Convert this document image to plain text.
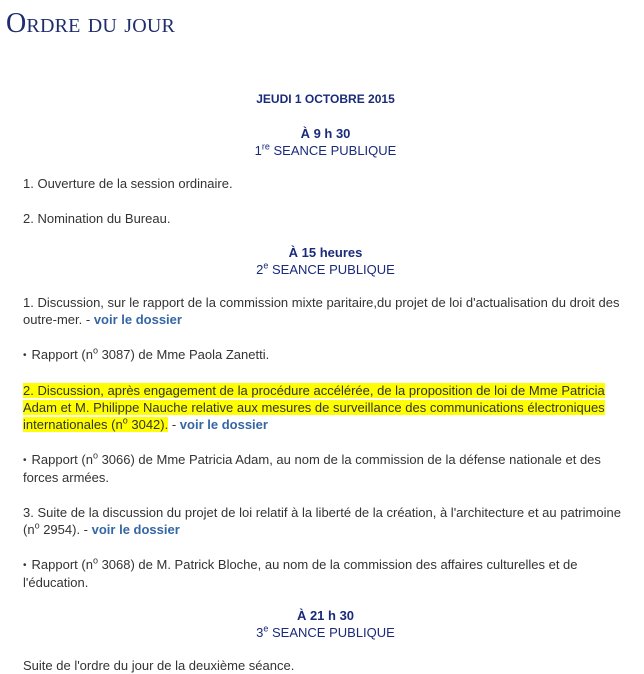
Ordre du jour

JEUDI 1 OCTOBRE 2015

À 9 h 30

1re SEANCE PUBLIQUE

1. Ouverture de la session ordinaire.

2. Nomination du Bureau.

À 15 heures

2e SEANCE PUBLIQUE

1. Discussion, sur le rapport de la commission mixte paritaire,du projet de loi d'actualisation du droit des outre-mer. - voir le dossier

• Rapport ($n^o$ 3087) de Mme Paola Zanetti.

2. Discussion, après engagement de la procédure accélérée, de la proposition de loi de Mme Patricia Adam et M. Philippe Nauche relative aux mesures de surveillance des communications électroniques internationales ($n^o$ 3042). - voir le dossier

• Rapport ($n^o$ 3066) de Mme Patricia Adam, au nom de la commission de la défense nationale et des forces armées.

3. Suite de la discussion du projet de loi relatif à la liberté de la création, à l'architecture et au patrimoine ($n^o$ 2954). - voir le dossier

• Rapport ($n^o$ 3068) de M. Patrick Bloche, au nom de la commission des affaires culturelles et de l'éducation.

À 21 h 30

3e SEANCE PUBLIQUE

Suite de l'ordre du jour de la deuxième séance.
